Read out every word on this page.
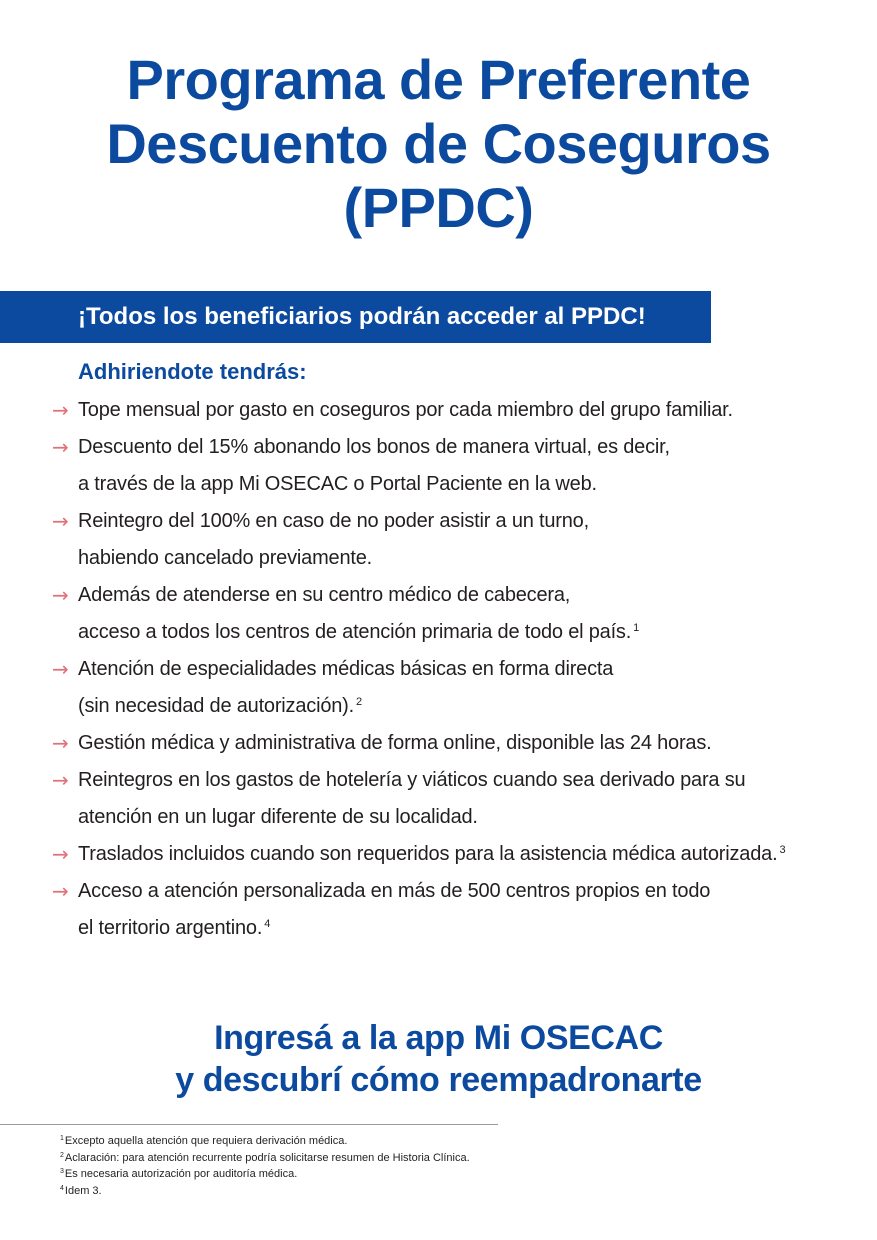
Programa de Preferente
Descuento de Coseguros
(PPDC)
¡Todos los beneficiarios podrán acceder al PPDC!
Adhiriendote tendrás:
→ Tope mensual por gasto en coseguros por cada miembro del grupo familiar.
→ Descuento del 15% abonando los bonos de manera virtual, es decir,
a través de la app Mi OSECAC o Portal Paciente en la web.
→ Reintegro del 100% en caso de no poder asistir a un turno,
habiendo cancelado previamente.
→ Además de atenderse en su centro médico de cabecera,
acceso a todos los centros de atención primaria de todo el país. $^1$
→ Atención de especialidades médicas básicas en forma directa
(sin necesidad de autorización). $^2$
→ Gestión médica y administrativa de forma online, disponible las 24 horas.
→ Reintegros en los gastos de hotelería y viáticos cuando sea derivado para su
atención en un lugar diferente de su localidad.
→ Traslados incluidos cuando son requeridos para la asistencia médica autorizada. $^3$
→ Acceso a atención personalizada en más de 500 centros propios en todo
el territorio argentino. $^4$
Ingresá a la app Mi OSECAC
y descubrí cómo reempadronarte
$^1$Excepto aquella atención que requiera derivación médica.
$^2$Aclaración: para atención recurrente podría solicitarse resumen de Historia Clínica.
$^3$Es necesaria autorización por auditoría médica.
$^4$Idem 3.
